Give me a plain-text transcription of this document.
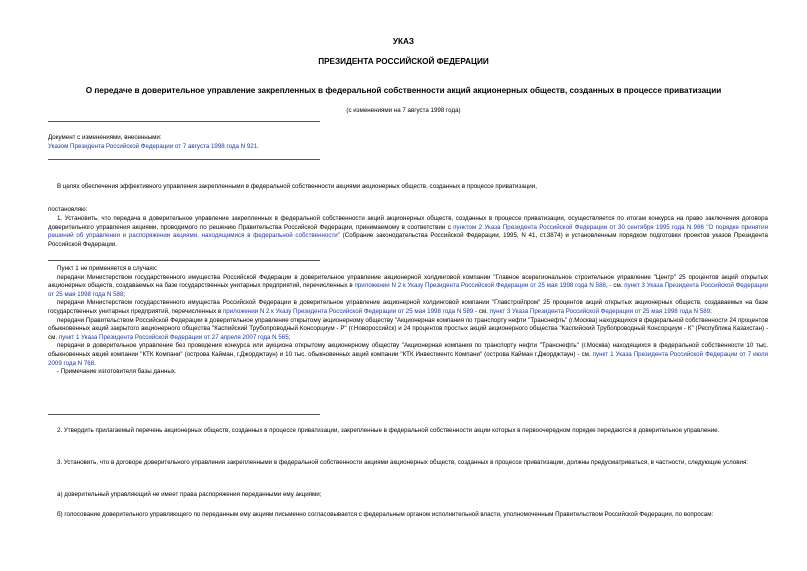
УКАЗ
ПРЕЗИДЕНТА РОССИЙСКОЙ ФЕДЕРАЦИИ
О передаче в доверительное управление закрепленных в федеральной собственности акций акционерных обществ, созданных в процессе приватизации
(с изменениями на 7 августа 1998 года)

Документ с изменениями, внесенными:

Указом Президента Российской Федерации от 7 августа 1998 года N 921.

В целях обеспечения эффективного управления закрепленными в федеральной собственности акциями акционерных обществ, созданных в процессе приватизации,
постановляю:
1. Установить, что передача в доверительное управление закрепленных в федеральной собственности акций акционерных обществ, созданных в процессе приватизации, осуществляется по итогам конкурса на право заключения договора доверительного управления акциями, проводимого по решению Правительства Российской Федерации, принимаемому в соответствии с пунктом 2 Указа Президента Российской Федерации от 30 сентября 1995 года N 986 "О порядке принятия решений об управлении и распоряжении акциями, находящимися в федеральной собственности" (Собрание законодательства Российской Федерации, 1995, N 41, ст.3874) и установленным порядком подготовки проектов указов Президента Российской Федерации.

Пункт 1 не применяется в случаях:

передачи Министерством государственного имущества Российской Федерации в доверительное управление акционерной холдинговой компании "Главное всерегиональное строительное управление "Центр" 25 процентов акций открытых акционерных обществ, создаваемых на базе государственных унитарных предприятий, перечисленных в приложении N 2 к Указу Президента Российской Федерации от 25 мая 1998 года N 588, - см. пункт 3 Указа Президента Российской Федерации от 25 мая 1998 года N 588;

передачи Министерством государственного имущества Российской Федерации в доверительное управление акционерной холдинговой компании "Главстройпром" 25 процентов акций открытых акционерных обществ, создаваемых на базе государственных унитарных предприятий, перечисленных в приложении N 2 к Указу Президента Российской Федерации от 25 мая 1998 года N 589 - см. пункт 3 Указа Президента Российской Федерации от 25 мая 1998 года N 589;

передачи Правительством Российской Федерации в доверительное управление открытому акционерному обществу "Акционерная компания по транспорту нефти "Транснефть" (г.Москва) находящихся в федеральной собственности 24 процентов обыкновенных акций закрытого акционерного общества "Каспийский Трубопроводный Консорциум - Р" (г.Новороссийск) и 24 процентов простых акций акционерного общества "Каспийский Трубопроводный Консорциум - К" (Республика Казахстан) - см. пункт 1 Указа Президента Российской Федерации от 27 апреля 2007 года N 565;

передачи в доверительное управление без проведения конкурса или аукциона открытому акционерному обществу "Акционерная компания по транспорту нефти "Транснефть" (г.Москва) находящихся в федеральной собственности 10 тыс. обыкновенных акций компании "КТК Компани" (острова Кайман, г.Джорджтаун) и 10 тыс. обыкновенных акций компании "КТК Инвестментс Компани" (острова Кайман г.Джорджтаун) - см. пункт 1 Указа Президента Российской Федерации от 7 июля 2009 года N 768.

- Примечание изготовителя базы данных.

2. Утвердить прилагаемый перечень акционерных обществ, созданных в процессе приватизации, закрепленные в федеральной собственности акции которых в первоочередном порядке передаются в доверительное управление.
3. Установить, что в договоре доверительного управления закрепленными в федеральной собственности акциями акционерных обществ, созданных в процессе приватизации, должны предусматриваться, в частности, следующие условия:
а) доверительный управляющий не имеет права распоряжения переданными ему акциями;
б) голосование доверительного управляющего по переданным ему акциям письменно согласовывается с федеральным органом исполнительной власти, уполномоченным Правительством Российской Федерации, по вопросам:
